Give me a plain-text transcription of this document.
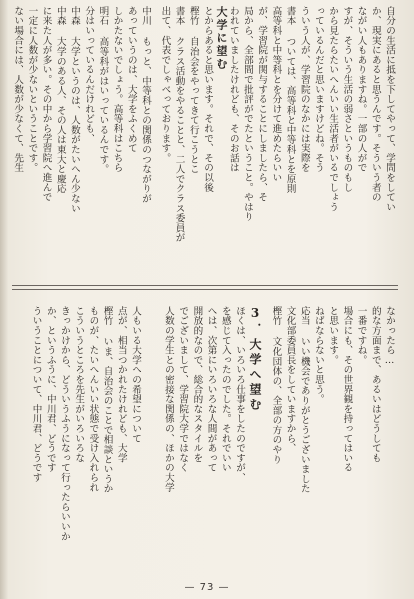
自分の生活に抵を下してやって、学問をしてい

か、現実にあると思うんです。そういう者の

ながい人もありますね。一部の人がで

すが、そういう生活の弱さというものもし

から見たらたいへんいい生活者がいるでしょう

っているんだと思いますけどね。そう

ういう人が、学習院のなかには実際を

書本 ついては、高等科と中等科とを原則

高等科と中等科とを分けて進めたらいい

が、学習院が関与することにしましたら、そ

局から、全部間で批評がでたということ。やはり

われていましたけれども、そのお話は

大学に望む

とからあると思います。それで、その以後

樫竹 自治会をやってきて行こうとこ

書本 クラス活動をやることと、二人でクラス委員が

出て、代表でしゃべっております。

中川 もっと、中等科との関係のつながりが

あっていうのは、大学をふくめて

しかたないでしょう。高等科はこちら

明石 高等科がはいっているんです。

分はいっているんだけれども、

中森 大学というのは、人数がたいへん少ない

中森 大学のある人、その人は東大と慶応

に来た人が多い。その中から学習院へ進んで

一定に人数が少ないということです。

ない場合には、人数が少なくて、先生

3．大学へ望む	なかったら…

的な方面まで、あるいはどうしても

一番ですね。

場合にも、その世界観を持ってはいる

と思います。

ねばならないと思う。

応当 いい機会でありがとうございました

文化部委員長をしていますから、

樫竹 文化団体の、全部の方のやり

ほくは、いろいろ仕事をしたのですが、

を感じて入ったのでした。それでいい

へは、次第にいろいろな人間があって

開放的なので、総合的なスタイルを

でございまして、学習院大学ではなく

人数の学生との密接な関係の、ほかの大学

人もいる大学への希望について

点が、相当つかれたけれども、大学

樫竹 いま、自治会のことで相談というか

ものが、たいへんいい状態で受け入れられ

こういうところを先生がいろいろな

きっかけから、どういうふうになって行ったらいいか

か、というふうに、中川君、どうです

ういうことについて、中川君、どうです

— 73 —
